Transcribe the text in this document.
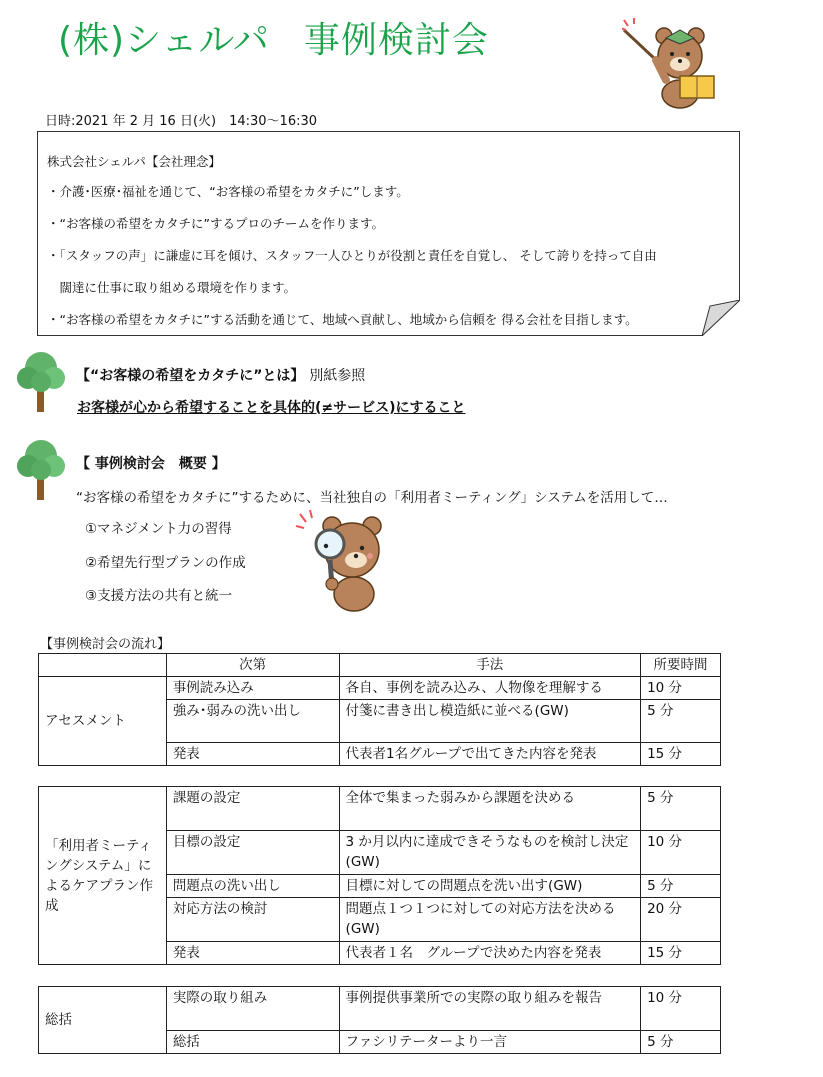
(株)シェルパ 事例検討会
日時:2021 年 2 月 16 日(火)　14:30〜16:30
株式会社シェルパ【会社理念】
・介護･医療･福祉を通じて、“お客様の希望をカタチに”します。
・“お客様の希望をカタチに”するプロのチームを作ります。
・「スタッフの声」に謙虚に耳を傾け、スタッフ一人ひとりが役割と責任を自覚し、 そして誇りを持って自由
　闊達に仕事に取り組める環境を作ります。
・“お客様の希望をカタチに”する活動を通じて、地域へ貢献し、地域から信頼を 得る会社を目指します。
【“お客様の希望をカタチに”とは】 別紙参照
お客様が心から希望することを具体的(≠サービス)にすること
【 事例検討会　概要 】
“お客様の希望をカタチに”するために、当社独自の「利用者ミーティング」システムを活用して…
①マネジメント力の習得
②希望先行型プランの作成
③支援方法の共有と統一
【事例検討会の流れ】
	次第	手法	所要時間
アセスメント	事例読み込み	各自、事例を読み込み、人物像を理解する	10 分
	強み･弱みの洗い出し	付箋に書き出し模造紙に並べる(GW)	5 分
	発表	代表者1名グループで出てきた内容を発表	15 分
「利用者ミーティングシステム」によるケアプラン作成	課題の設定	全体で集まった弱みから課題を決める	5 分
	目標の設定	3 か月以内に達成できそうなものを検討し決定(GW)	10 分
	問題点の洗い出し	目標に対しての問題点を洗い出す(GW)	5 分
	対応方法の検討	問題点１つ１つに対しての対応方法を決める(GW)	20 分
	発表	代表者１名　グループで決めた内容を発表	15 分
総括	実際の取り組み	事例提供事業所での実際の取り組みを報告	10 分
	総括	ファシリテーターより一言	5 分
